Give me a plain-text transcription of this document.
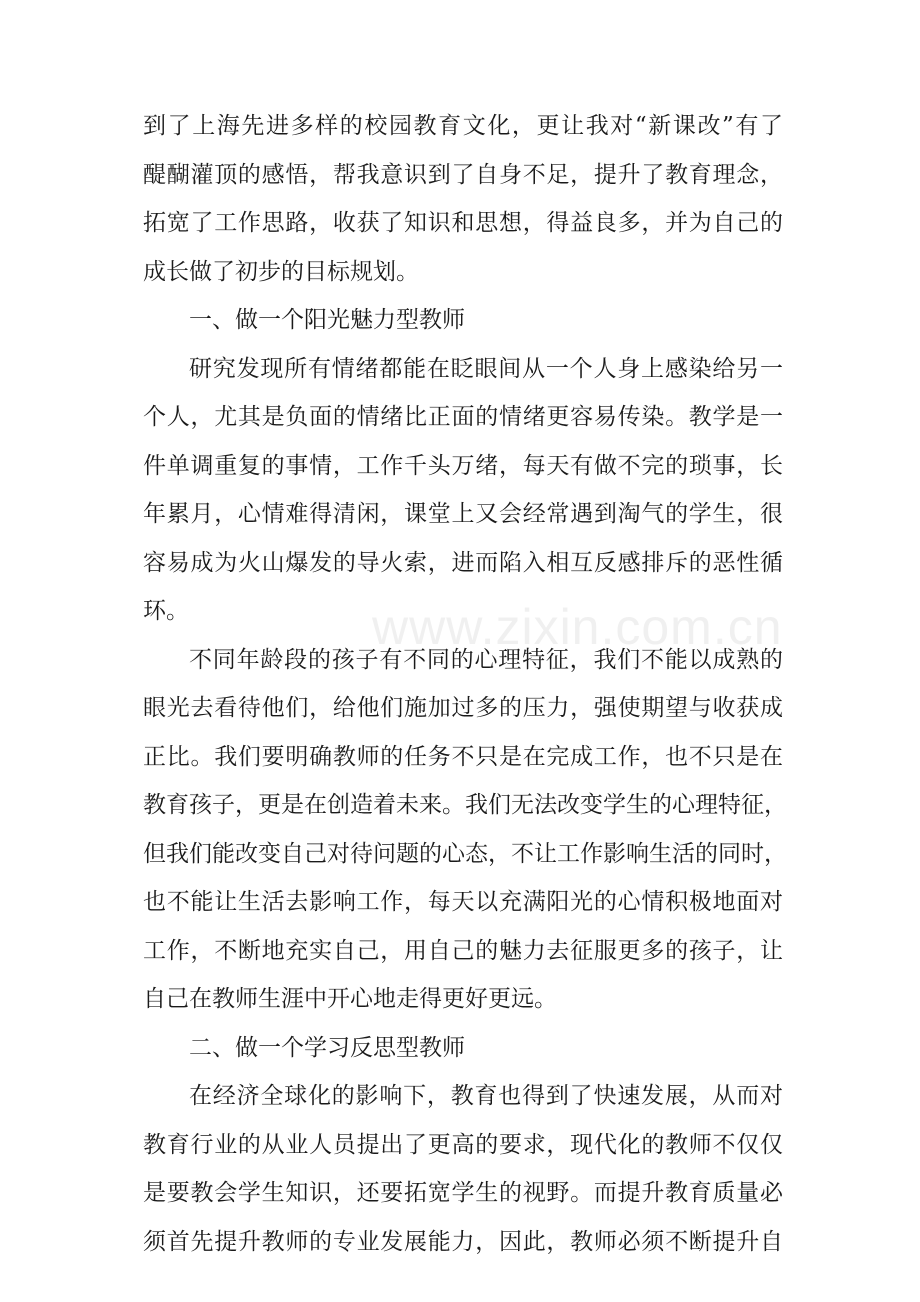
www.zixin.com.cn
到了上海先进多样的校园教育文化，更让我对“新课改”有了
醍醐灌顶的感悟，帮我意识到了自身不足，提升了教育理念，
拓宽了工作思路，收获了知识和思想，得益良多，并为自己的
成长做了初步的目标规划。
一、做一个阳光魅力型教师
研究发现所有情绪都能在眨眼间从一个人身上感染给另一
个人，尤其是负面的情绪比正面的情绪更容易传染。教学是一
件单调重复的事情，工作千头万绪，每天有做不完的琐事，长
年累月，心情难得清闲，课堂上又会经常遇到淘气的学生，很
容易成为火山爆发的导火索，进而陷入相互反感排斥的恶性循
环。
不同年龄段的孩子有不同的心理特征，我们不能以成熟的
眼光去看待他们，给他们施加过多的压力，强使期望与收获成
正比。我们要明确教师的任务不只是在完成工作，也不只是在
教育孩子，更是在创造着未来。我们无法改变学生的心理特征，
但我们能改变自己对待问题的心态，不让工作影响生活的同时，
也不能让生活去影响工作，每天以充满阳光的心情积极地面对
工作，不断地充实自己，用自己的魅力去征服更多的孩子，让
自己在教师生涯中开心地走得更好更远。
二、做一个学习反思型教师
在经济全球化的影响下，教育也得到了快速发展，从而对
教育行业的从业人员提出了更高的要求，现代化的教师不仅仅
是要教会学生知识，还要拓宽学生的视野。而提升教育质量必
须首先提升教师的专业发展能力，因此，教师必须不断提升自
